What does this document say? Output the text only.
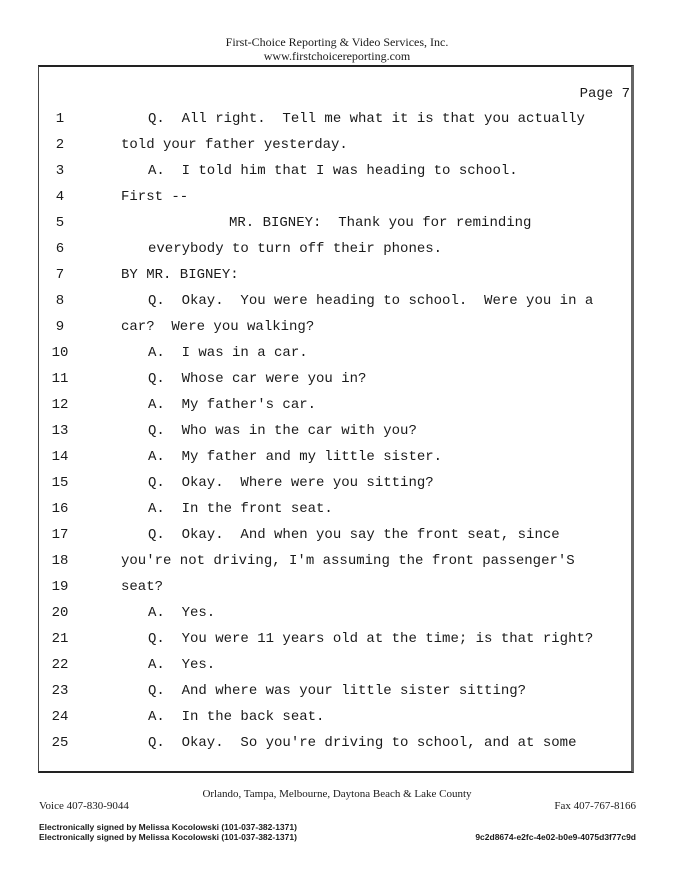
First-Choice Reporting & Video Services, Inc.
www.firstchoicereporting.com
Page 7
1	Q.  All right.  Tell me what it is that you actually
2	told your father yesterday.
3	A.  I told him that I was heading to school.
4	First --
5	MR. BIGNEY:  Thank you for reminding
6	everybody to turn off their phones.
7	BY MR. BIGNEY:
8	Q.  Okay.  You were heading to school.  Were you in a
9	car?  Were you walking?
10	A.  I was in a car.
11	Q.  Whose car were you in?
12	A.  My father's car.
13	Q.  Who was in the car with you?
14	A.  My father and my little sister.
15	Q.  Okay.  Where were you sitting?
16	A.  In the front seat.
17	Q.  Okay.  And when you say the front seat, since
18	you're not driving, I'm assuming the front passenger'S
19	seat?
20	A.  Yes.
21	Q.  You were 11 years old at the time; is that right?
22	A.  Yes.
23	Q.  And where was your little sister sitting?
24	A.  In the back seat.
25	Q.  Okay.  So you're driving to school, and at some
Orlando, Tampa, Melbourne, Daytona Beach & Lake County
Voice 407-830-9044	Fax 407-767-8166
Electronically signed by Melissa Kocolowski (101-037-382-1371)
Electronically signed by Melissa Kocolowski (101-037-382-1371)	9c2d8674-e2fc-4e02-b0e9-4075d3f77c9d
